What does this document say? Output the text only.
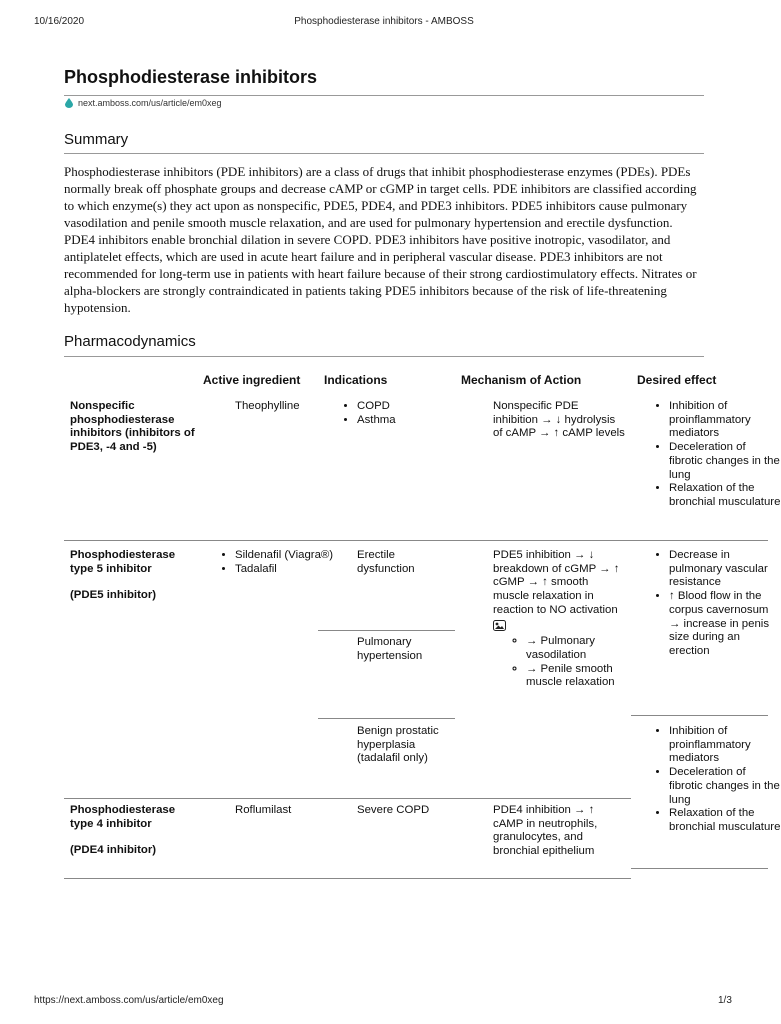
10/16/2020	Phosphodiesterase inhibitors - AMBOSS
Phosphodiesterase inhibitors
next.amboss.com/us/article/em0xeg
Summary

Phosphodiesterase inhibitors (PDE inhibitors) are a class of drugs that inhibit phosphodiesterase enzymes (PDEs). PDEs normally break off phosphate groups and decrease cAMP or cGMP in target cells. PDE inhibitors are classified according to which enzyme(s) they act upon as nonspecific, PDE5, PDE4, and PDE3 inhibitors. PDE5 inhibitors cause pulmonary vasodilation and penile smooth muscle relaxation, and are used for pulmonary hypertension and erectile dysfunction. PDE4 inhibitors enable bronchial dilation in severe COPD. PDE3 inhibitors have positive inotropic, vasodilator, and antiplatelet effects, which are used in acute heart failure and in peripheral vascular disease. PDE3 inhibitors are not recommended for long-term use in patients with heart failure because of their strong cardiostimulatory effects. Nitrates or alpha-blockers are strongly contraindicated in patients taking PDE5 inhibitors because of the risk of life-threatening hypotension.

Pharmacodynamics
Active ingredient Indications	Mechanism of Action	Desired effect
Nonspecific phosphodiesterase inhibitors (inhibitors of PDE3, -4 and -5)
Theophylline
•	COPD
• Asthma
Nonspecific PDE inhibition → ↓ hydrolysis of cAMP → ↑ cAMP levels
• Inhibition of proinflammatory mediators
• Deceleration of fibrotic changes in the lung
• Relaxation of the bronchial musculature
Phosphodiesterase type 5 inhibitor
(PDE5 inhibitor)
• Sildenafil (Viagra®)
• Tadalafil
Erectile dysfunction
Pulmonary hypertension
Benign prostatic hyperplasia (tadalafil only)
PDE5 inhibition → ↓ breakdown of cGMP → ↑ cGMP → ↑ smooth muscle relaxation in reaction to NO activation
◦ → Pulmonary vasodilation
◦ → Penile smooth muscle relaxation
• Decrease in pulmonary vascular resistance
• ↑ Blood flow in the corpus cavernosum → increase in penis size during an erection
• Inhibition of proinflammatory mediators
• Deceleration of fibrotic changes in the lung
• Relaxation of the bronchial musculature
Phosphodiesterase type 4 inhibitor
(PDE4 inhibitor)
Roflumilast	Severe COPD	PDE4 inhibition → ↑ cAMP in neutrophils, granulocytes, and bronchial epithelium
https://next.amboss.com/us/article/em0xeg	1/3
